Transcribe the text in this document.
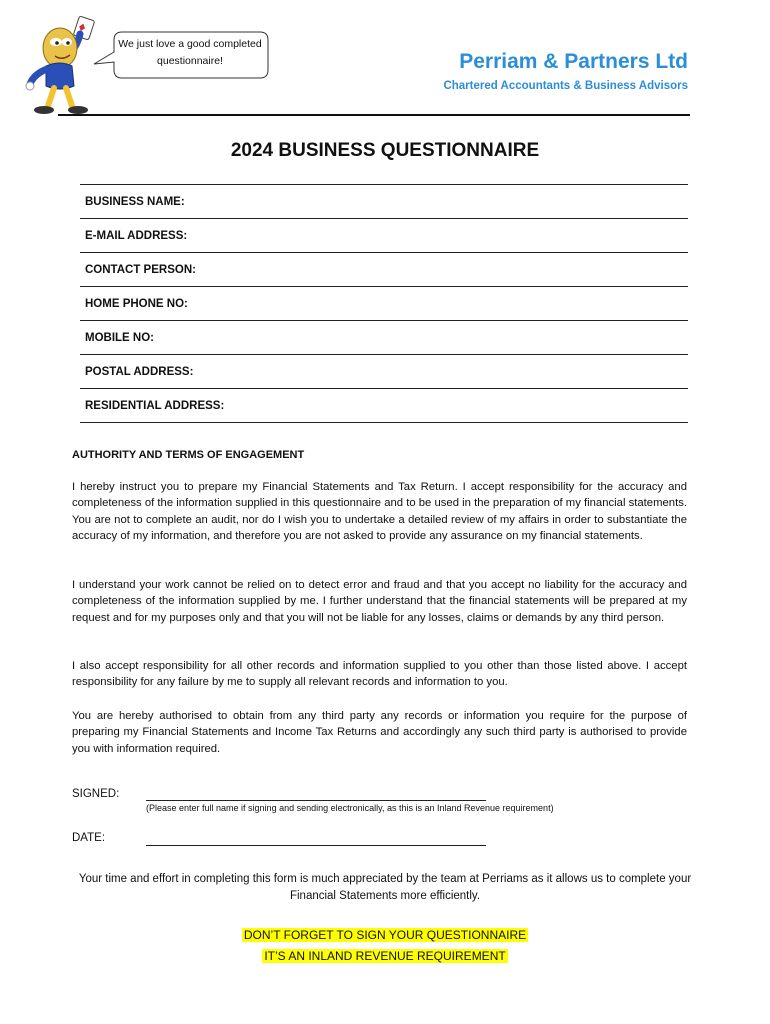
We just love a good completed questionnaire!	Perriam & Partners Ltd
Chartered Accountants & Business Advisors
2024 BUSINESS QUESTIONNAIRE
BUSINESS NAME:
E-MAIL ADDRESS:
CONTACT PERSON:
HOME PHONE NO:
MOBILE NO:
POSTAL ADDRESS:
RESIDENTIAL ADDRESS:
AUTHORITY AND TERMS OF ENGAGEMENT
I hereby instruct you to prepare my Financial Statements and Tax Return. I accept responsibility for the accuracy and completeness of the information supplied in this questionnaire and to be used in the preparation of my financial statements. You are not to complete an audit, nor do I wish you to undertake a detailed review of my affairs in order to substantiate the accuracy of my information, and therefore you are not asked to provide any assurance on my financial statements.
I understand your work cannot be relied on to detect error and fraud and that you accept no liability for the accuracy and completeness of the information supplied by me. I further understand that the financial statements will be prepared at my request and for my purposes only and that you will not be liable for any losses, claims or demands by any third person.
I also accept responsibility for all other records and information supplied to you other than those listed above. I accept responsibility for any failure by me to supply all relevant records and information to you.
You are hereby authorised to obtain from any third party any records or information you require for the purpose of preparing my Financial Statements and Income Tax Returns and accordingly any such third party is authorised to provide you with information required.
SIGNED:
(Please enter full name if signing and sending electronically, as this is an Inland Revenue requirement)
DATE:
Your time and effort in completing this form is much appreciated by the team at Perriams as it allows us to complete your Financial Statements more efficiently.
DON’T FORGET TO SIGN YOUR QUESTIONNAIRE
IT’S AN INLAND REVENUE REQUIREMENT
